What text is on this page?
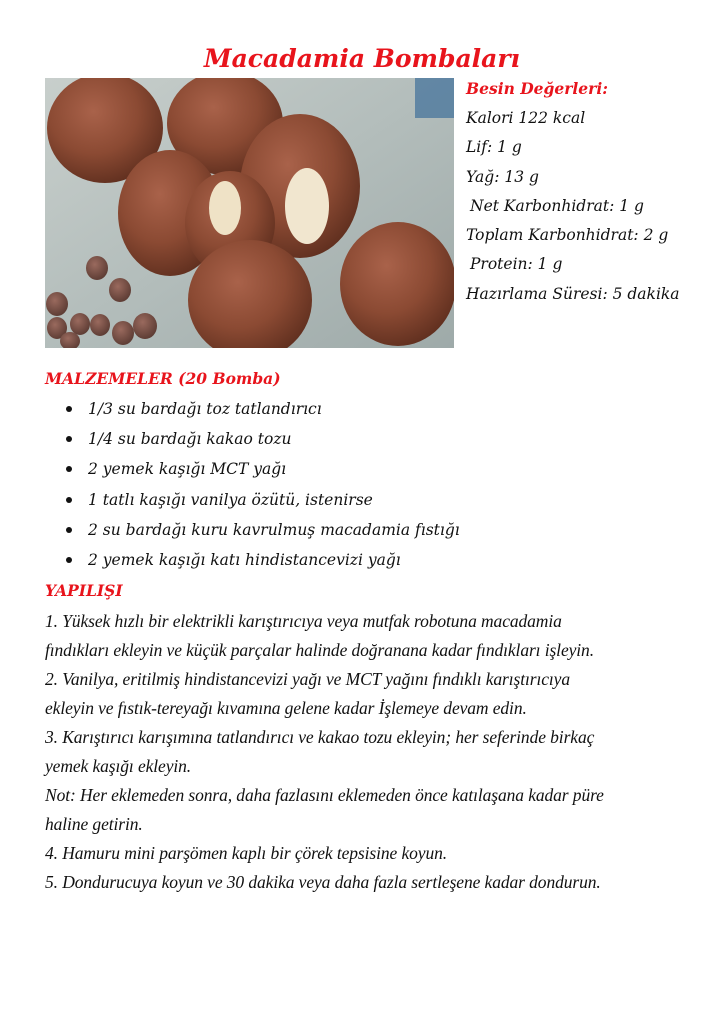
Macadamia Bombaları
Besin Değerleri:
Kalori 122 kcal
Lif: 1 g
Yağ: 13 g
Net Karbonhidrat: 1 g
Toplam Karbonhidrat: 2 g
Protein: 1 g
Hazırlama Süresi: 5 dakika
MALZEMELER (20 Bomba)
1/3 su bardağı toz tatlandırıcı
1/4 su bardağı kakao tozu
2 yemek kaşığı MCT yağı
1 tatlı kaşığı vanilya özütü, istenirse
2 su bardağı kuru kavrulmuş macadamia fıstığı
2 yemek kaşığı katı hindistancevizi yağı
YAPILIŞI
1. Yüksek hızlı bir elektrikli karıştırıcıya veya mutfak robotuna macadamia
fındıkları ekleyin ve küçük parçalar halinde doğranana kadar fındıkları işleyin.
2. Vanilya, eritilmiş hindistancevizi yağı ve MCT yağını fındıklı karıştırıcıya
ekleyin ve fıstık-tereyağı kıvamına gelene kadar İşlemeye devam edin.
3. Karıştırıcı karışımına tatlandırıcı ve kakao tozu ekleyin; her seferinde birkaç
yemek kaşığı ekleyin.
Not: Her eklemeden sonra, daha fazlasını eklemeden önce katılaşana kadar püre
haline getirin.
4. Hamuru mini parşömen kaplı bir çörek tepsisine koyun.
5. Dondurucuya koyun ve 30 dakika veya daha fazla sertleşene kadar dondurun.
